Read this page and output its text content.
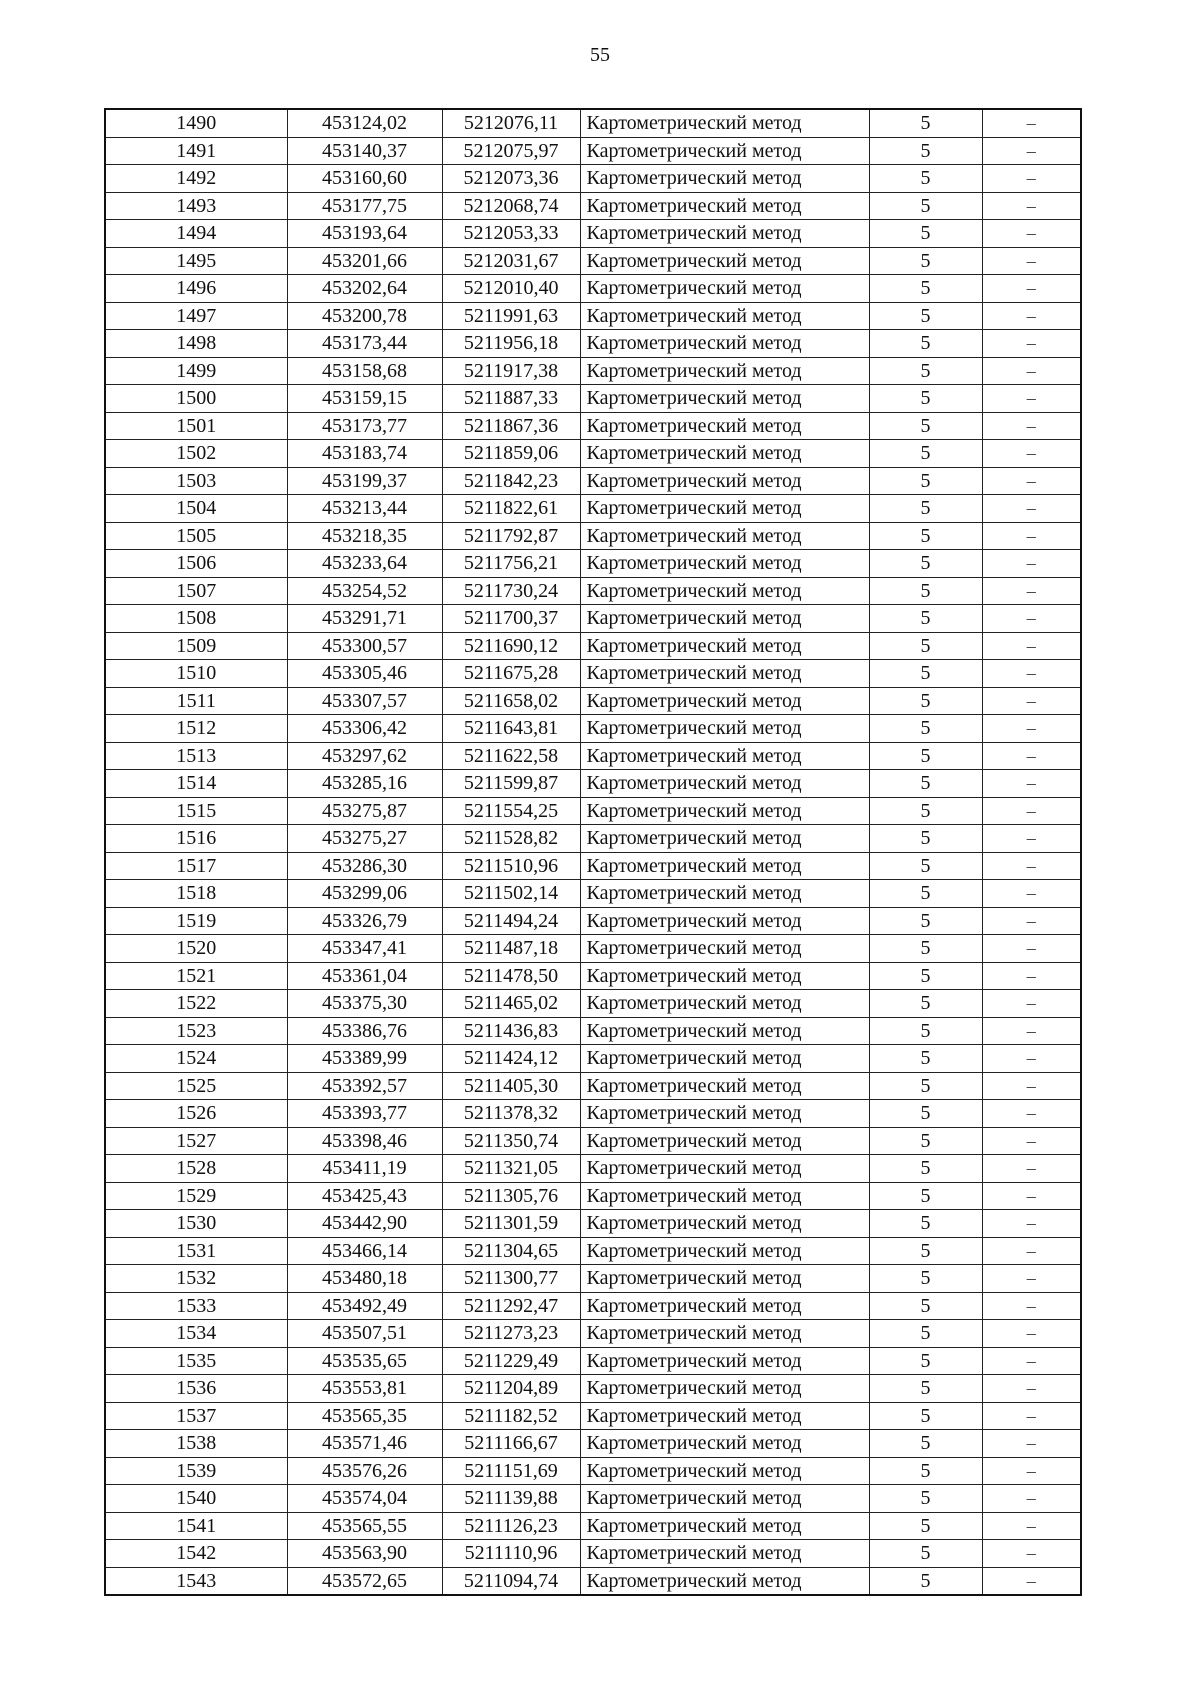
55
1490	453124,02	5212076,11	Картометрический метод	5	–
1491	453140,37	5212075,97	Картометрический метод	5	–
1492	453160,60	5212073,36	Картометрический метод	5	–
1493	453177,75	5212068,74	Картометрический метод	5	–
1494	453193,64	5212053,33	Картометрический метод	5	–
1495	453201,66	5212031,67	Картометрический метод	5	–
1496	453202,64	5212010,40	Картометрический метод	5	–
1497	453200,78	5211991,63	Картометрический метод	5	–
1498	453173,44	5211956,18	Картометрический метод	5	–
1499	453158,68	5211917,38	Картометрический метод	5	–
1500	453159,15	5211887,33	Картометрический метод	5	–
1501	453173,77	5211867,36	Картометрический метод	5	–
1502	453183,74	5211859,06	Картометрический метод	5	–
1503	453199,37	5211842,23	Картометрический метод	5	–
1504	453213,44	5211822,61	Картометрический метод	5	–
1505	453218,35	5211792,87	Картометрический метод	5	–
1506	453233,64	5211756,21	Картометрический метод	5	–
1507	453254,52	5211730,24	Картометрический метод	5	–
1508	453291,71	5211700,37	Картометрический метод	5	–
1509	453300,57	5211690,12	Картометрический метод	5	–
1510	453305,46	5211675,28	Картометрический метод	5	–
1511	453307,57	5211658,02	Картометрический метод	5	–
1512	453306,42	5211643,81	Картометрический метод	5	–
1513	453297,62	5211622,58	Картометрический метод	5	–
1514	453285,16	5211599,87	Картометрический метод	5	–
1515	453275,87	5211554,25	Картометрический метод	5	–
1516	453275,27	5211528,82	Картометрический метод	5	–
1517	453286,30	5211510,96	Картометрический метод	5	–
1518	453299,06	5211502,14	Картометрический метод	5	–
1519	453326,79	5211494,24	Картометрический метод	5	–
1520	453347,41	5211487,18	Картометрический метод	5	–
1521	453361,04	5211478,50	Картометрический метод	5	–
1522	453375,30	5211465,02	Картометрический метод	5	–
1523	453386,76	5211436,83	Картометрический метод	5	–
1524	453389,99	5211424,12	Картометрический метод	5	–
1525	453392,57	5211405,30	Картометрический метод	5	–
1526	453393,77	5211378,32	Картометрический метод	5	–
1527	453398,46	5211350,74	Картометрический метод	5	–
1528	453411,19	5211321,05	Картометрический метод	5	–
1529	453425,43	5211305,76	Картометрический метод	5	–
1530	453442,90	5211301,59	Картометрический метод	5	–
1531	453466,14	5211304,65	Картометрический метод	5	–
1532	453480,18	5211300,77	Картометрический метод	5	–
1533	453492,49	5211292,47	Картометрический метод	5	–
1534	453507,51	5211273,23	Картометрический метод	5	–
1535	453535,65	5211229,49	Картометрический метод	5	–
1536	453553,81	5211204,89	Картометрический метод	5	–
1537	453565,35	5211182,52	Картометрический метод	5	–
1538	453571,46	5211166,67	Картометрический метод	5	–
1539	453576,26	5211151,69	Картометрический метод	5	–
1540	453574,04	5211139,88	Картометрический метод	5	–
1541	453565,55	5211126,23	Картометрический метод	5	–
1542	453563,90	5211110,96	Картометрический метод	5	–
1543	453572,65	5211094,74	Картометрический метод	5	–
